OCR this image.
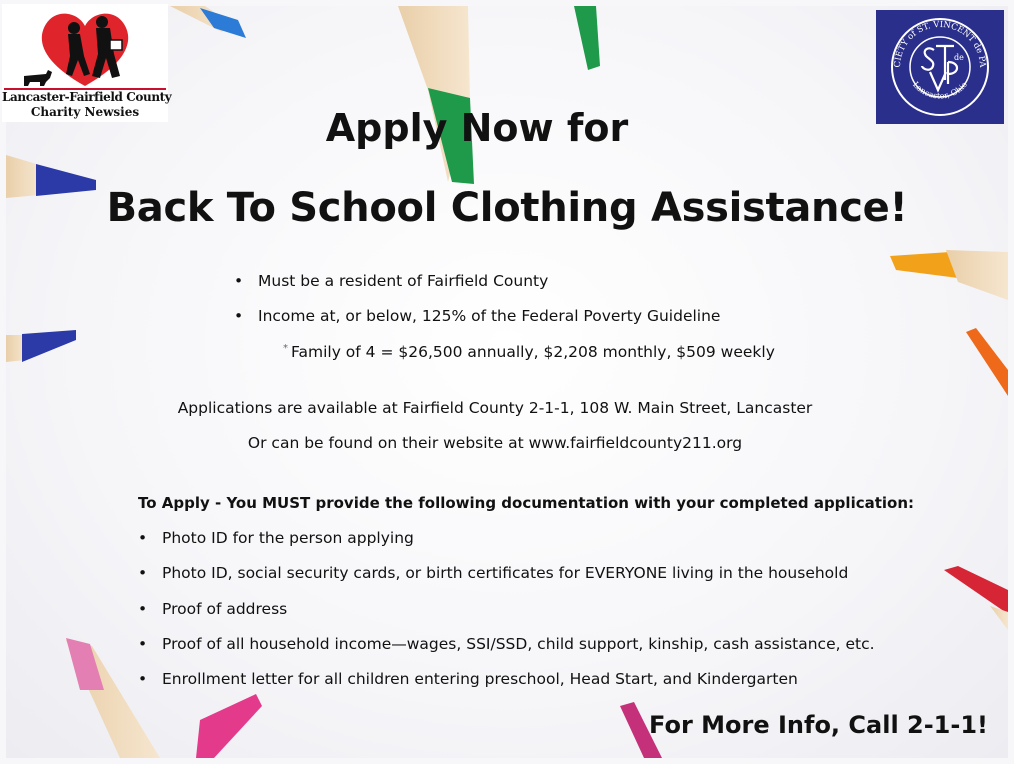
Lancaster-Fairfield County
Charity Newsies
CIETY of ST. VINCENT de PA
Lancaster, Ohio
de
Apply Now for
Back To School Clothing Assistance!
• Must be a resident of Fairfield County
• Income at, or below, 125% of the Federal Poverty Guideline
* Family of 4 = $26,500 annually, $2,208 monthly, $509 weekly
Applications are available at Fairfield County 2-1-1, 108 W. Main Street, Lancaster
Or can be found on their website at www.fairfieldcounty211.org
To Apply - You MUST provide the following documentation with your completed application:
• Photo ID for the person applying
• Photo ID, social security cards, or birth certificates for EVERYONE living in the household
• Proof of address
• Proof of all household income—wages, SSI/SSD, child support, kinship, cash assistance, etc.
• Enrollment letter for all children entering preschool, Head Start, and Kindergarten
For More Info, Call 2-1-1!
